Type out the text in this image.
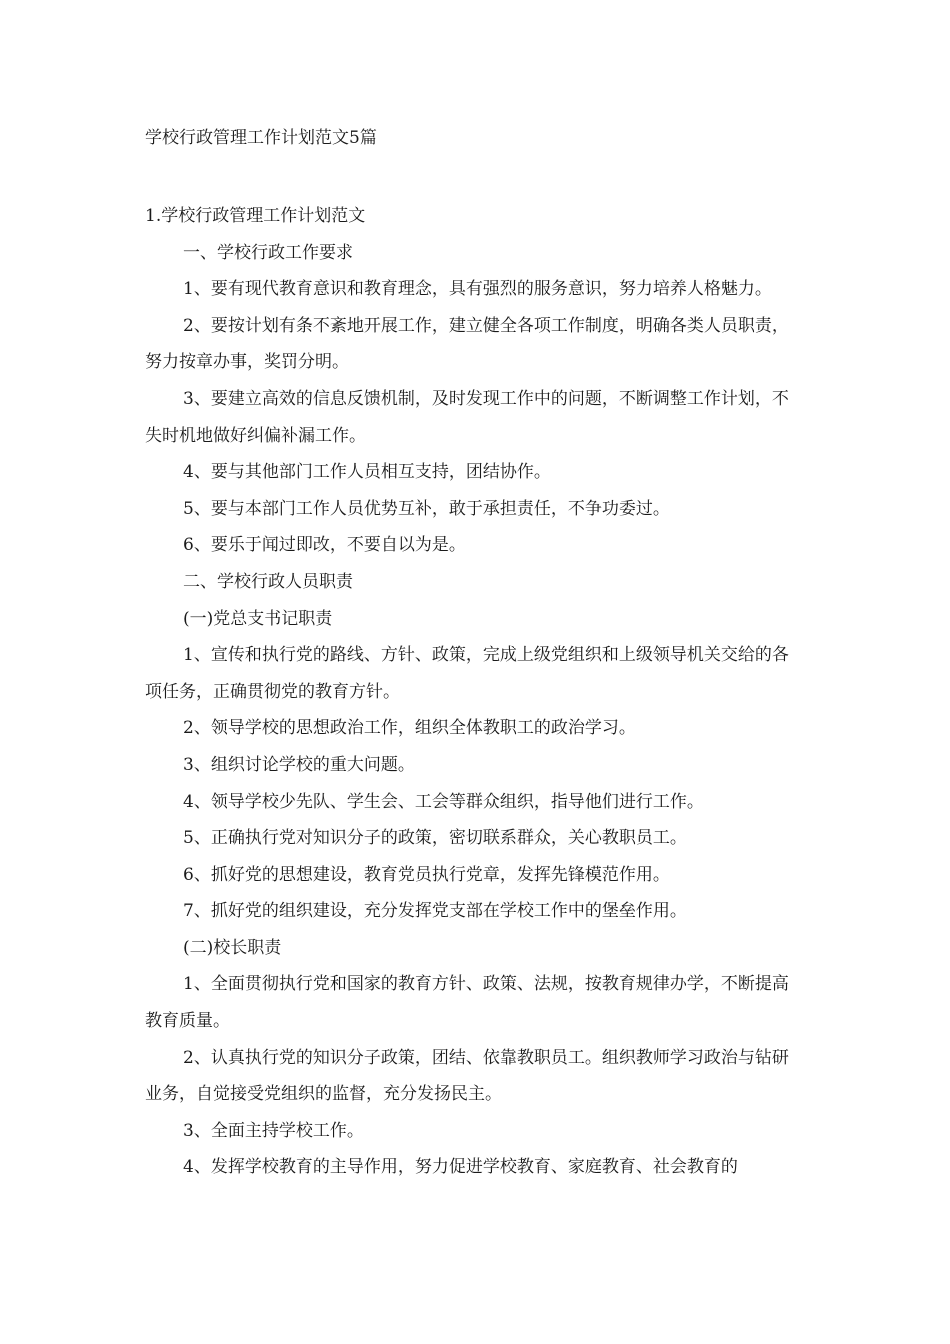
学校行政管理工作计划范文5篇

1.学校行政管理工作计划范文

一、学校行政工作要求

1、要有现代教育意识和教育理念，具有强烈的服务意识，努力培养人格魅力。

2、要按计划有条不紊地开展工作，建立健全各项工作制度，明确各类人员职责，努力按章办事，奖罚分明。

3、要建立高效的信息反馈机制，及时发现工作中的问题，不断调整工作计划，不失时机地做好纠偏补漏工作。

4、要与其他部门工作人员相互支持，团结协作。

5、要与本部门工作人员优势互补，敢于承担责任，不争功委过。

6、要乐于闻过即改，不要自以为是。

二、学校行政人员职责

(一)党总支书记职责

1、宣传和执行党的路线、方针、政策，完成上级党组织和上级领导机关交给的各项任务，正确贯彻党的教育方针。

2、领导学校的思想政治工作，组织全体教职工的政治学习。

3、组织讨论学校的重大问题。

4、领导学校少先队、学生会、工会等群众组织，指导他们进行工作。

5、正确执行党对知识分子的政策，密切联系群众，关心教职员工。

6、抓好党的思想建设，教育党员执行党章，发挥先锋模范作用。

7、抓好党的组织建设，充分发挥党支部在学校工作中的堡垒作用。

(二)校长职责

1、全面贯彻执行党和国家的教育方针、政策、法规，按教育规律办学，不断提高教育质量。

2、认真执行党的知识分子政策，团结、依靠教职员工。组织教师学习政治与钻研业务，自觉接受党组织的监督，充分发扬民主。

3、全面主持学校工作。

4、发挥学校教育的主导作用，努力促进学校教育、家庭教育、社会教育的
